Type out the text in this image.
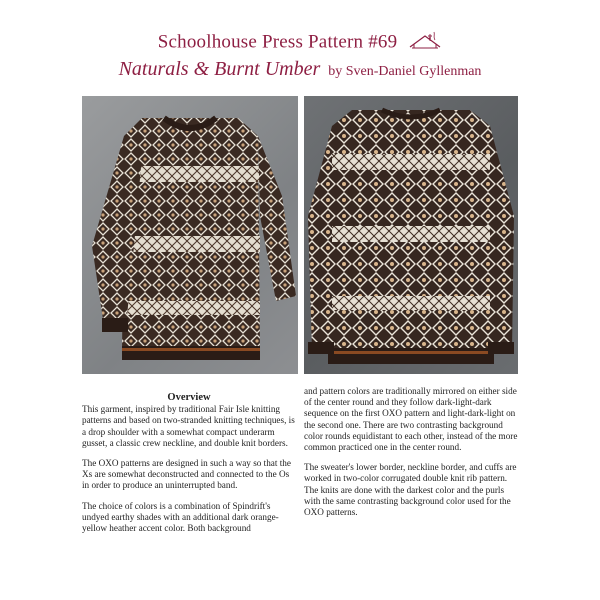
Schoolhouse Press Pattern #69
Naturals & Burnt Umber by Sven-Daniel Gyllenman
Overview

This garment, inspired by traditional Fair Isle knitting patterns and based on two-stranded knitting techniques, is a drop shoulder with a somewhat compact underarm gusset, a classic crew neckline, and double knit borders.

The OXO patterns are designed in such a way so that the Xs are somewhat deconstructed and connected to the Os in order to produce an uninterrupted band.

The choice of colors is a combination of Spindrift's undyed earthy shades with an additional dark orange-yellow heather accent color. Both background

and pattern colors are traditionally mirrored on either side of the center round and they follow dark-light-dark sequence on the first OXO pattern and light-dark-light on the second one. There are two contrasting background color rounds equidistant to each other, instead of the more common practiced one in the center round.

The sweater's lower border, neckline border, and cuffs are worked in two-color corrugated double knit rib pattern. The knits are done with the darkest color and the purls with the same contrasting background color used for the OXO patterns.
